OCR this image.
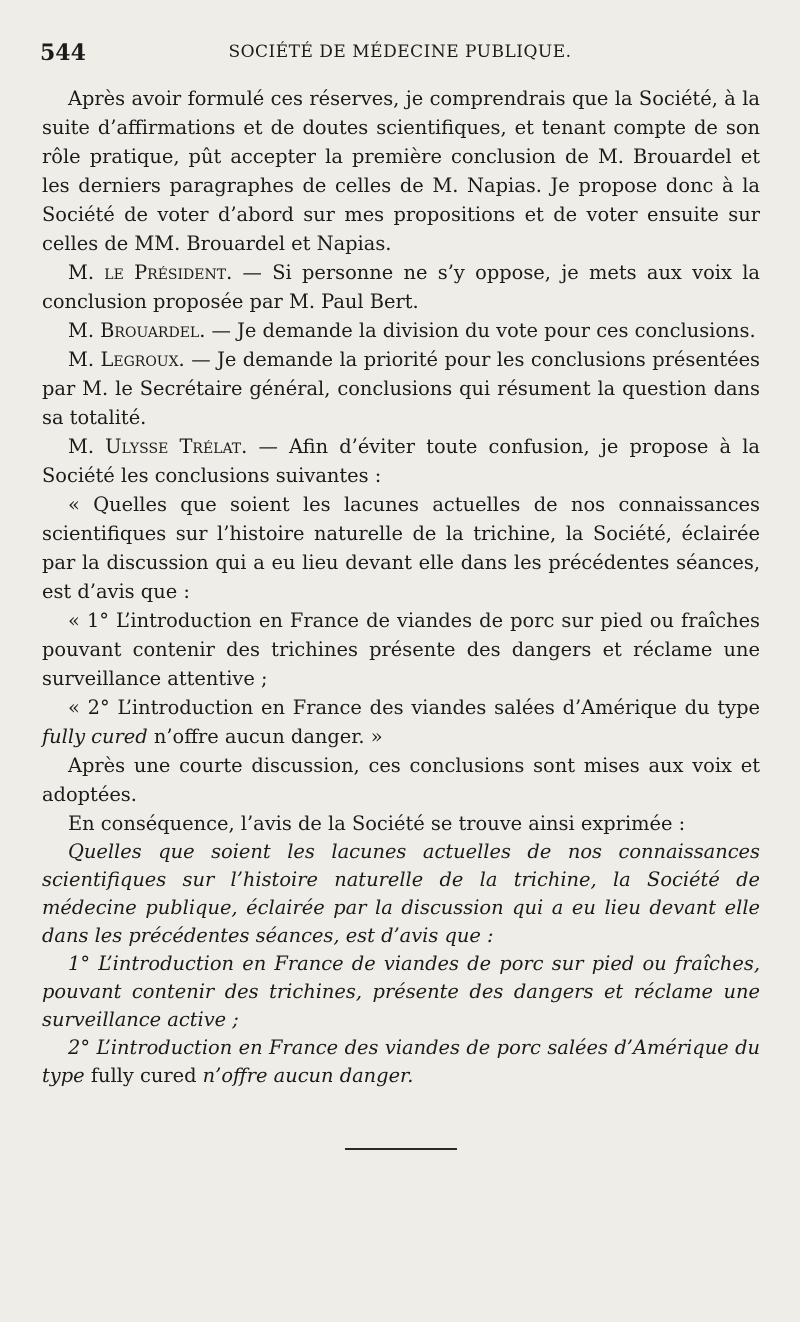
544	SOCIÉTÉ DE MÉDECINE PUBLIQUE.

Après avoir formulé ces réserves, je comprendrais que la Société, à la suite d’affirmations et de doutes scientifiques, et tenant compte de son rôle pratique, pût accepter la première conclusion de M. Brouardel et les derniers paragraphes de celles de M. Napias. Je propose donc à la Société de voter d’abord sur mes propositions et de voter ensuite sur celles de MM. Brouardel et Napias.

M. le Président. — Si personne ne s’y oppose, je mets aux voix la conclusion proposée par M. Paul Bert.

M. Brouardel. — Je demande la division du vote pour ces conclusions.

M. Legroux. — Je demande la priorité pour les conclusions présentées par M. le Secrétaire général, conclusions qui résument la question dans sa totalité.

M. Ulysse Trélat. — Afin d’éviter toute confusion, je propose à la Société les conclusions suivantes :

« Quelles que soient les lacunes actuelles de nos connaissances scientifiques sur l’histoire naturelle de la trichine, la Société, éclairée par la discussion qui a eu lieu devant elle dans les précédentes séances, est d’avis que :

« 1° L’introduction en France de viandes de porc sur pied ou fraîches pouvant contenir des trichines présente des dangers et réclame une surveillance attentive ;

« 2° L’introduction en France des viandes salées d’Amérique du type fully cured n’offre aucun danger. »

Après une courte discussion, ces conclusions sont mises aux voix et adoptées.

En conséquence, l’avis de la Société se trouve ainsi exprimée :

Quelles que soient les lacunes actuelles de nos connaissances scientifiques sur l’histoire naturelle de la trichine, la Société de médecine publique, éclairée par la discussion qui a eu lieu devant elle dans les précédentes séances, est d’avis que :

1° L’introduction en France de viandes de porc sur pied ou fraîches, pouvant contenir des trichines, présente des dangers et réclame une surveillance active ;

2° L’introduction en France des viandes de porc salées d’Amérique du type fully cured n’offre aucun danger.
